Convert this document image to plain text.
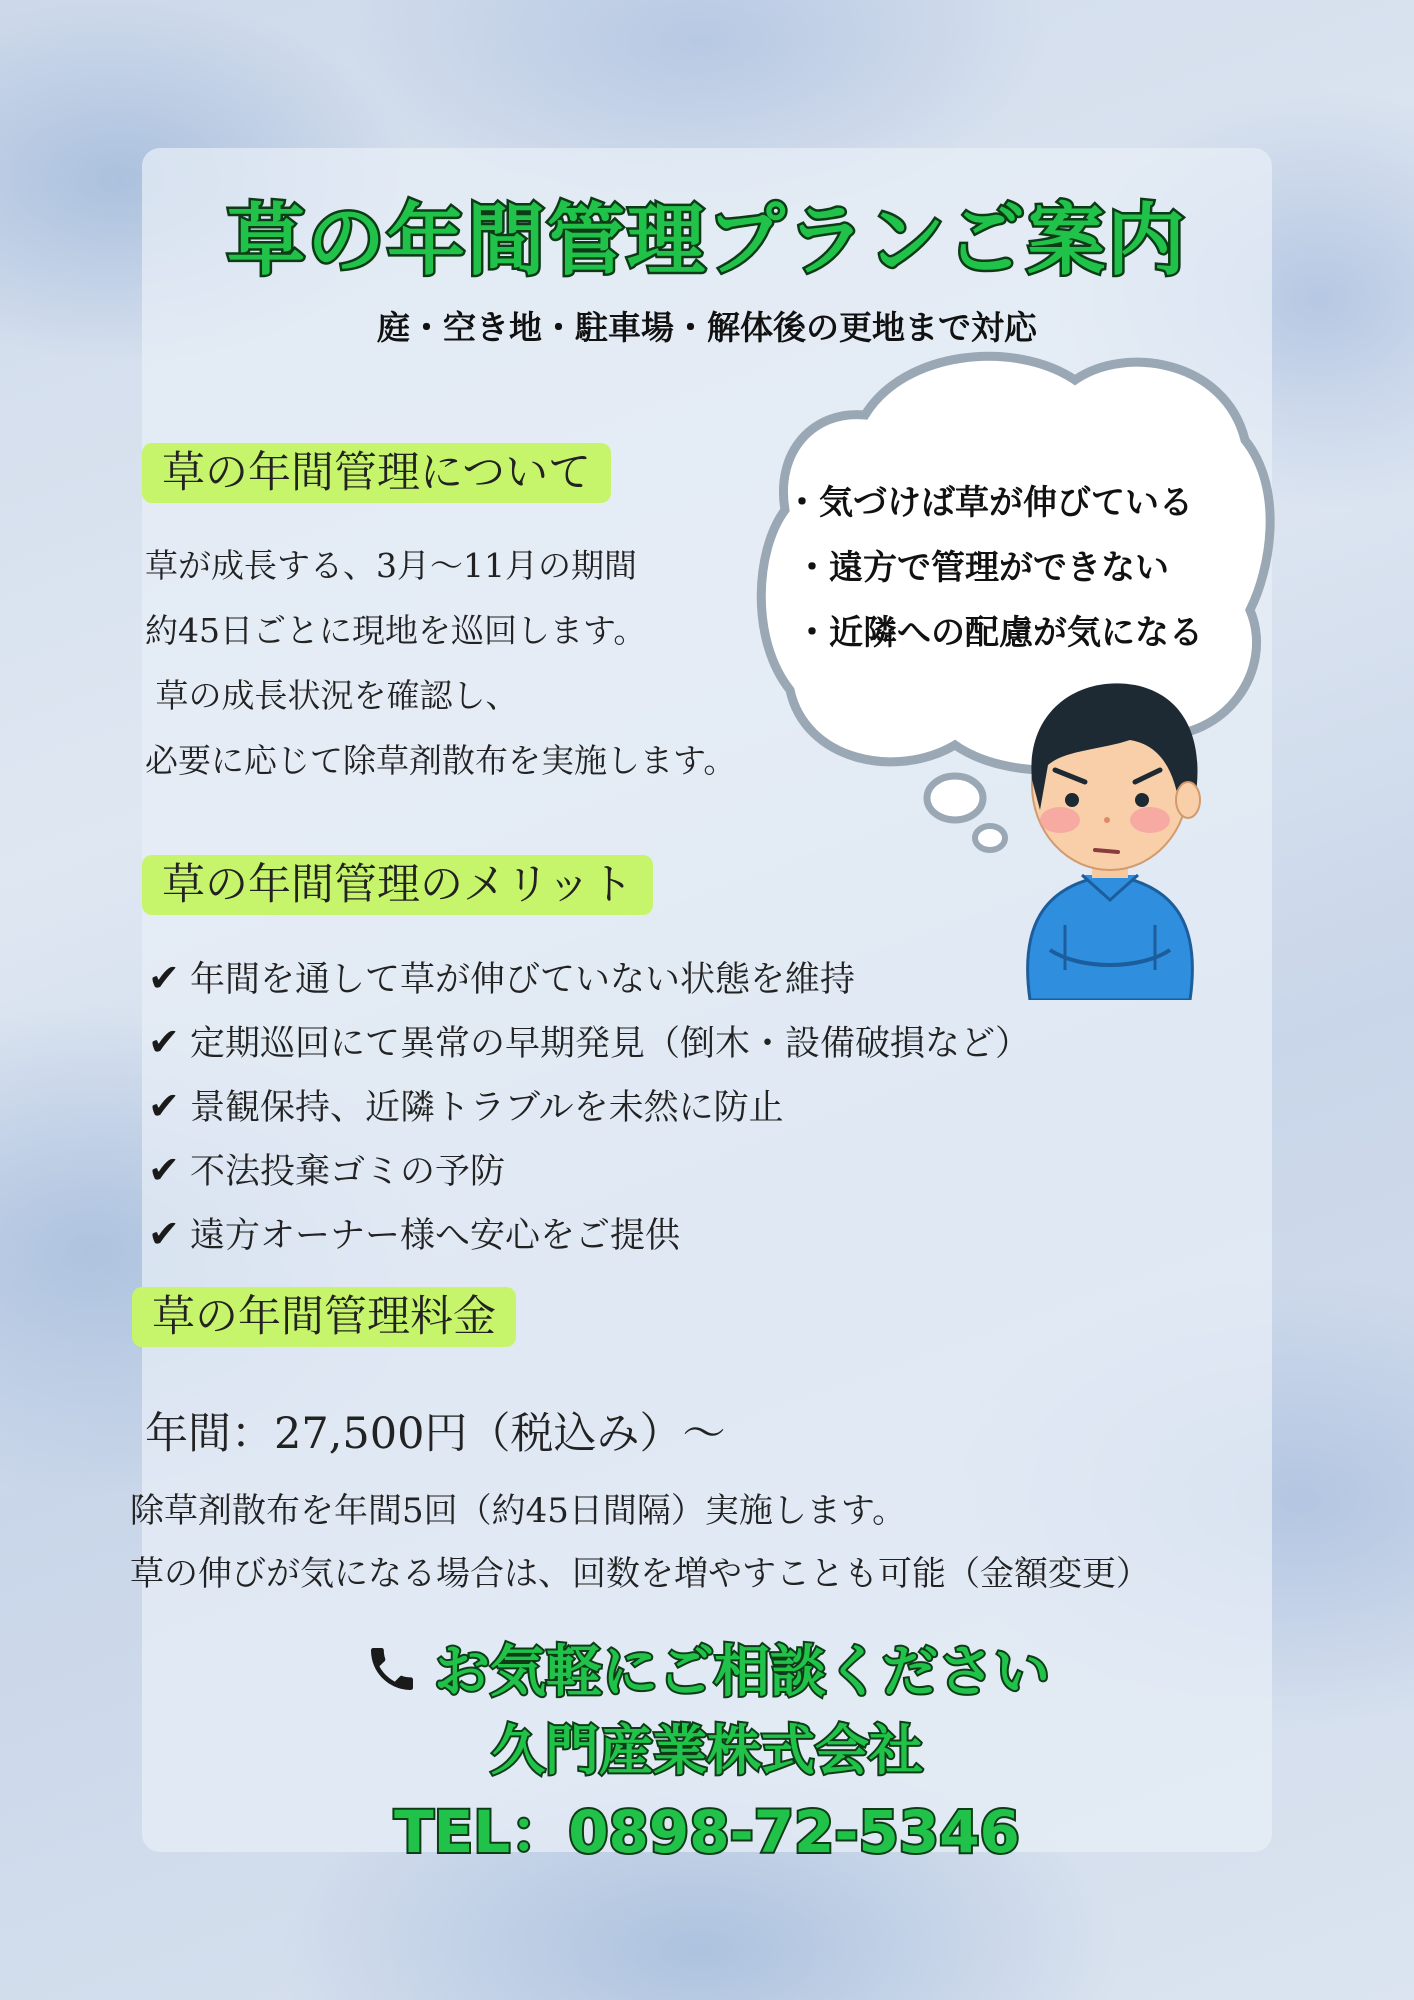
草の年間管理プランご案内
庭・空き地・駐車場・解体後の更地まで対応
・気づけば草が伸びている
・遠方で管理ができない
・近隣への配慮が気になる
草の年間管理について
草が成長する、3月～11月の期間
約45日ごとに現地を巡回します。
草の成長状況を確認し、
必要に応じて除草剤散布を実施します。
草の年間管理のメリット
✔ 年間を通して草が伸びていない状態を維持
✔ 定期巡回にて異常の早期発見（倒木・設備破損など）
✔ 景観保持、近隣トラブルを未然に防止
✔ 不法投棄ゴミの予防
✔ 遠方オーナー様へ安心をご提供
草の年間管理料金
年間：27,500円（税込み）～
除草剤散布を年間5回（約45日間隔）実施します。
草の伸びが気になる場合は、回数を増やすことも可能（金額変更）
お気軽にご相談ください
久門産業株式会社
TEL：0898-72-5346
